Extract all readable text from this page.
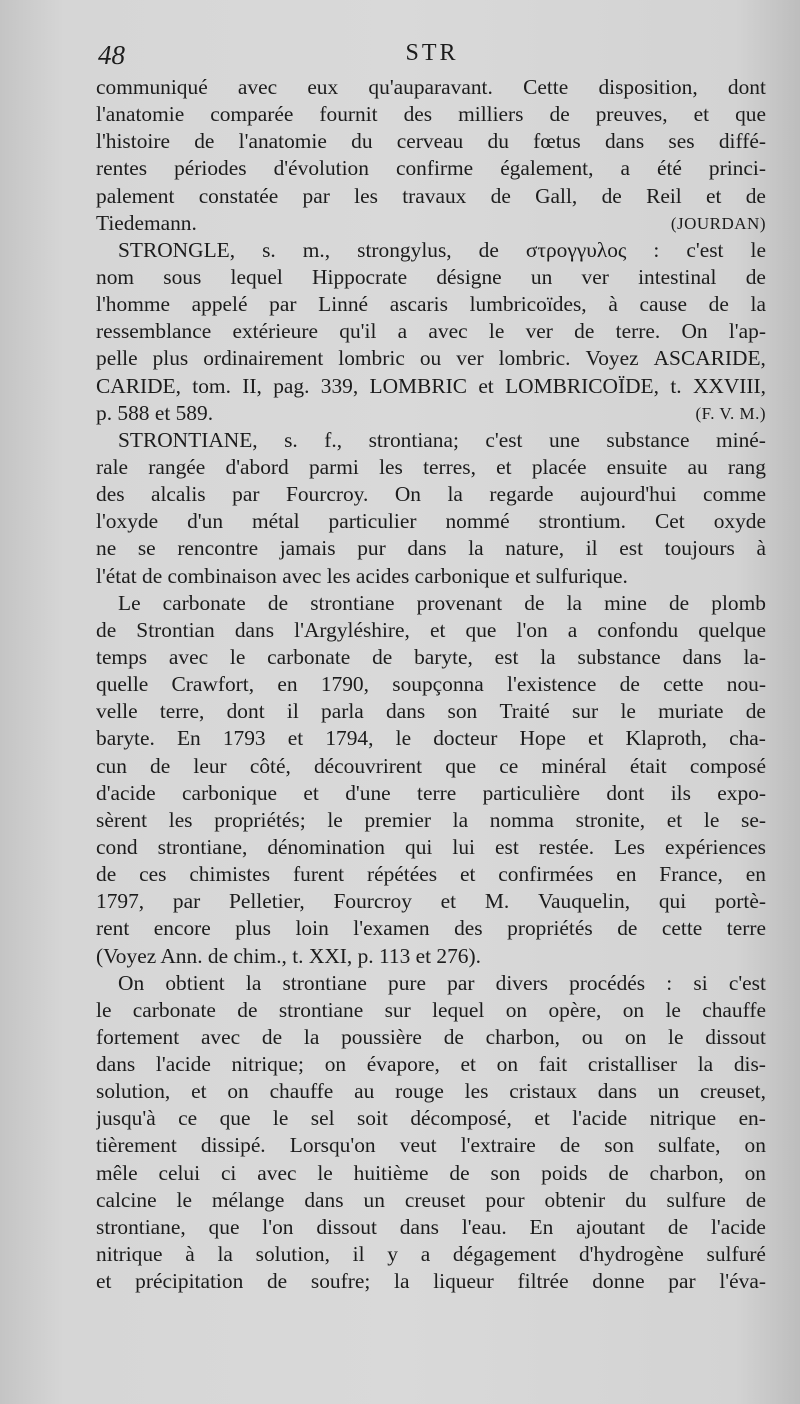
48	STR
communiqué avec eux qu'auparavant. Cette disposition, dont
l'anatomie comparée fournit des milliers de preuves, et que
l'histoire de l'anatomie du cerveau du fœtus dans ses diffé-
rentes périodes d'évolution confirme également, a été princi-
palement constatée par les travaux de Gall, de Reil et de
Tiedemann.	(JOURDAN)
STRONGLE, s. m., strongylus, de στρογγυλος : c'est le
nom sous lequel Hippocrate désigne un ver intestinal de
l'homme appelé par Linné ascaris lumbricoïdes, à cause de la
ressemblance extérieure qu'il a avec le ver de terre. On l'ap-
pelle plus ordinairement lombric ou ver lombric. Voyez ASCARIDE,
CARIDE, tom. II, pag. 339, LOMBRIC et LOMBRICOÏDE, t. XXVIII,
p. 588 et 589.	(F. V. M.)
STRONTIANE, s. f., strontiana; c'est une substance miné-
rale rangée d'abord parmi les terres, et placée ensuite au rang
des alcalis par Fourcroy. On la regarde aujourd'hui comme
l'oxyde d'un métal particulier nommé strontium. Cet oxyde
ne se rencontre jamais pur dans la nature, il est toujours à
l'état de combinaison avec les acides carbonique et sulfurique.
Le carbonate de strontiane provenant de la mine de plomb
de Strontian dans l'Argyléshire, et que l'on a confondu quelque
temps avec le carbonate de baryte, est la substance dans la-
quelle Crawfort, en 1790, soupçonna l'existence de cette nou-
velle terre, dont il parla dans son Traité sur le muriate de
baryte. En 1793 et 1794, le docteur Hope et Klaproth, cha-
cun de leur côté, découvrirent que ce minéral était composé
d'acide carbonique et d'une terre particulière dont ils expo-
sèrent les propriétés; le premier la nomma stronite, et le se-
cond strontiane, dénomination qui lui est restée. Les expériences
de ces chimistes furent répétées et confirmées en France, en
1797, par Pelletier, Fourcroy et M. Vauquelin, qui portè-
rent encore plus loin l'examen des propriétés de cette terre
(Voyez Ann. de chim., t. XXI, p. 113 et 276).
On obtient la strontiane pure par divers procédés : si c'est
le carbonate de strontiane sur lequel on opère, on le chauffe
fortement avec de la poussière de charbon, ou on le dissout
dans l'acide nitrique; on évapore, et on fait cristalliser la dis-
solution, et on chauffe au rouge les cristaux dans un creuset,
jusqu'à ce que le sel soit décomposé, et l'acide nitrique en-
tièrement dissipé. Lorsqu'on veut l'extraire de son sulfate, on
mêle celui ci avec le huitième de son poids de charbon, on
calcine le mélange dans un creuset pour obtenir du sulfure de
strontiane, que l'on dissout dans l'eau. En ajoutant de l'acide
nitrique à la solution, il y a dégagement d'hydrogène sulfuré
et précipitation de soufre; la liqueur filtrée donne par l'éva-
